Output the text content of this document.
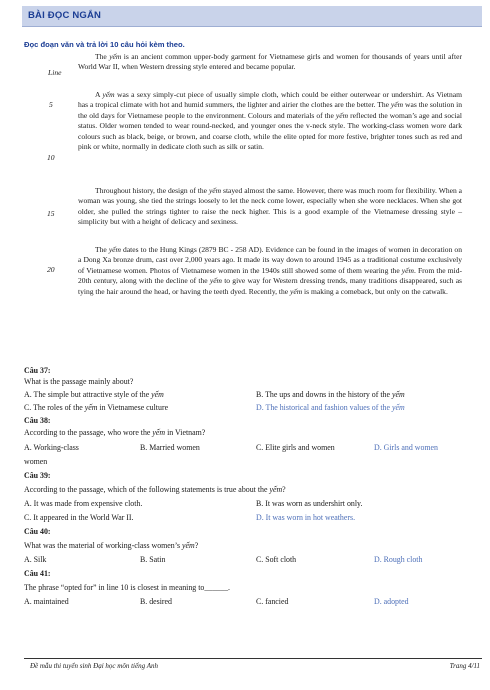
BÀI ĐỌC NGẮN
Đọc đoạn văn và trả lời 10 câu hỏi kèm theo.
Line
5
10
15
20

The yếm is an ancient common upper-body garment for Vietnamese girls and women for thousands of years until after World War II, when Western dressing style entered and became popular.

A yếm was a sexy simply-cut piece of usually simple cloth, which could be either outerwear or undershirt. As Vietnam has a tropical climate with hot and humid summers, the lighter and airier the clothes are the better. The yếm was the solution in the old days for Vietnamese people to the environment. Colours and materials of the yếm reflected the woman’s age and social status. Older women tended to wear round-necked, and younger ones the v-neck style. The working-class women wore dark colours such as black, beige, or brown, and coarse cloth, while the elite opted for more festive, brighter tones such as red and pink or white, normally in dedicate cloth such as silk or satin.

Throughout history, the design of the yếm stayed almost the same. However, there was much room for flexibility. When a woman was young, she tied the strings loosely to let the neck come lower, especially when she wore necklaces. When she got older, she pulled the strings tighter to raise the neck higher. This is a good example of the Vietnamese dressing style – simplicity but with a height of delicacy and sexiness.

The yếm dates to the Hung Kings (2879 BC - 258 AD). Evidence can be found in the images of women in decoration on a Dong Xa bronze drum, cast over 2,000 years ago. It made its way down to around 1945 as a traditional costume exclusively of Vietnamese women. Photos of Vietnamese women in the 1940s still showed some of them wearing the yếm. From the mid-20th century, along with the decline of the yếm to give way for Western dressing trends, many traditions disappeared, such as tying the hair around the head, or having the teeth dyed. Recently, the yếm is making a comeback, but only on the catwalk.

Câu 37:
What is the passage mainly about?
A. The simple but attractive style of the yếm	B. The ups and downs in the history of the yếm
C. The roles of the yếm in Vietnamese culture	D. The historical and fashion values of the yếm
Câu 38:
According to the passage, who wore the yếm in Vietnam?
A. Working-class	B. Married women	C. Elite girls and women	D. Girls and women
women
Câu 39:
According to the passage, which of the following statements is true about the yếm?
A. It was made from expensive cloth.	B. It was worn as undershirt only.
C. It appeared in the World War II.	D. It was worn in hot weathers.
Câu 40:
What was the material of working-class women’s yếm?
A. Silk	B. Satin	C. Soft cloth	D. Rough cloth
Câu 41:
The phrase “opted for” in line 10 is closest in meaning to______.
A. maintained	B. desired	C. fancied	D. adopted
Đề mẫu thi tuyển sinh Đại học môn tiếng Anh	Trang 4/11
